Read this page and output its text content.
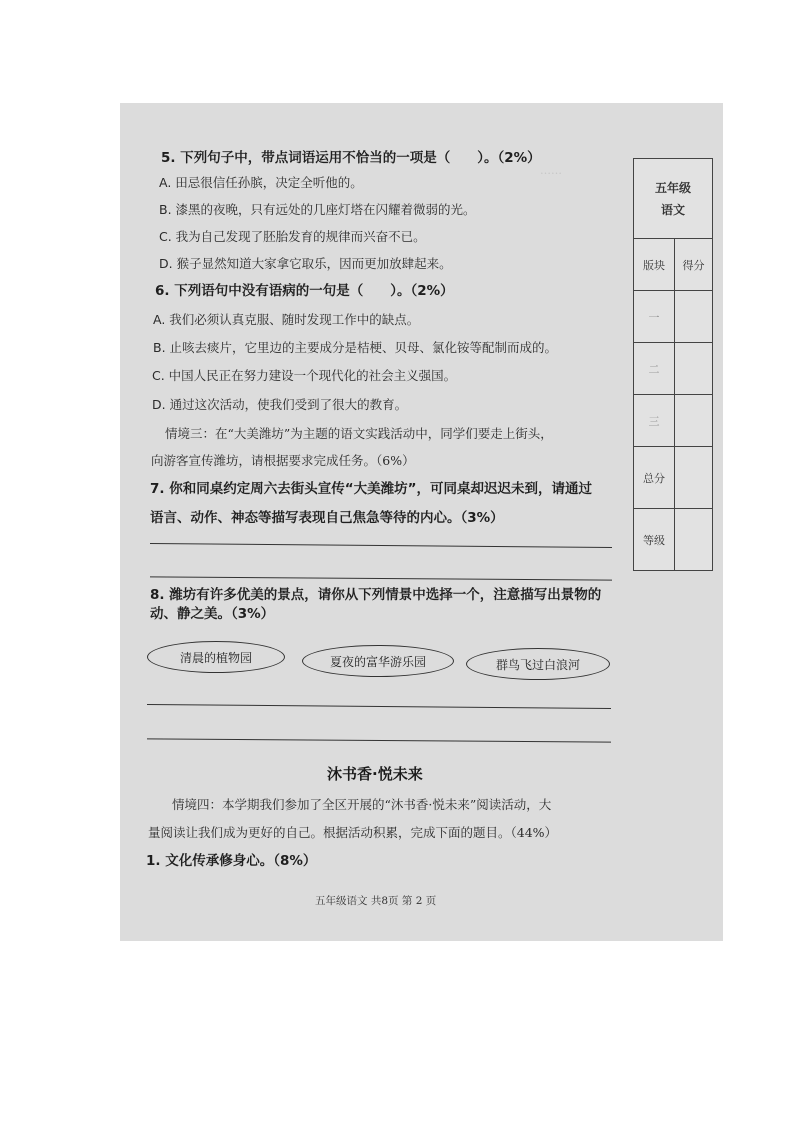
……
5. 下列句子中，带点词语运用不恰当的一项是（　　）。（2%）
A. 田忌很信任孙膑，决定全听他的。
B. 漆黑的夜晚，只有远处的几座灯塔在闪耀着微弱的光。
C. 我为自己发现了胚胎发育的规律而兴奋不已。
D. 猴子显然知道大家拿它取乐，因而更加放肆起来。
6. 下列语句中没有语病的一句是（　　）。（2%）
A. 我们必须认真克服、随时发现工作中的缺点。
B. 止咳去痰片，它里边的主要成分是桔梗、贝母、氯化铵等配制而成的。
C. 中国人民正在努力建设一个现代化的社会主义强国。
D. 通过这次活动，使我们受到了很大的教育。
情境三：在“大美潍坊”为主题的语文实践活动中，同学们要走上街头，
向游客宣传潍坊，请根据要求完成任务。（6%）
7. 你和同桌约定周六去街头宣传“大美潍坊”，可同桌却迟迟未到，请通过
语言、动作、神态等描写表现自己焦急等待的内心。（3%）
8. 潍坊有许多优美的景点，请你从下列情景中选择一个，注意描写出景物的
动、静之美。（3%）
清晨的植物园	夏夜的富华游乐园	群鸟飞过白浪河
沐书香·悦未来
情境四：本学期我们参加了全区开展的“沐书香·悦未来”阅读活动，大
量阅读让我们成为更好的自己。根据活动积累，完成下面的题目。（44%）
1. 文化传承修身心。（8%）
五年级语文 共8页 第 2 页
五年级
语文	

版块	得分
一	
二	
三	
总分	
等级	
